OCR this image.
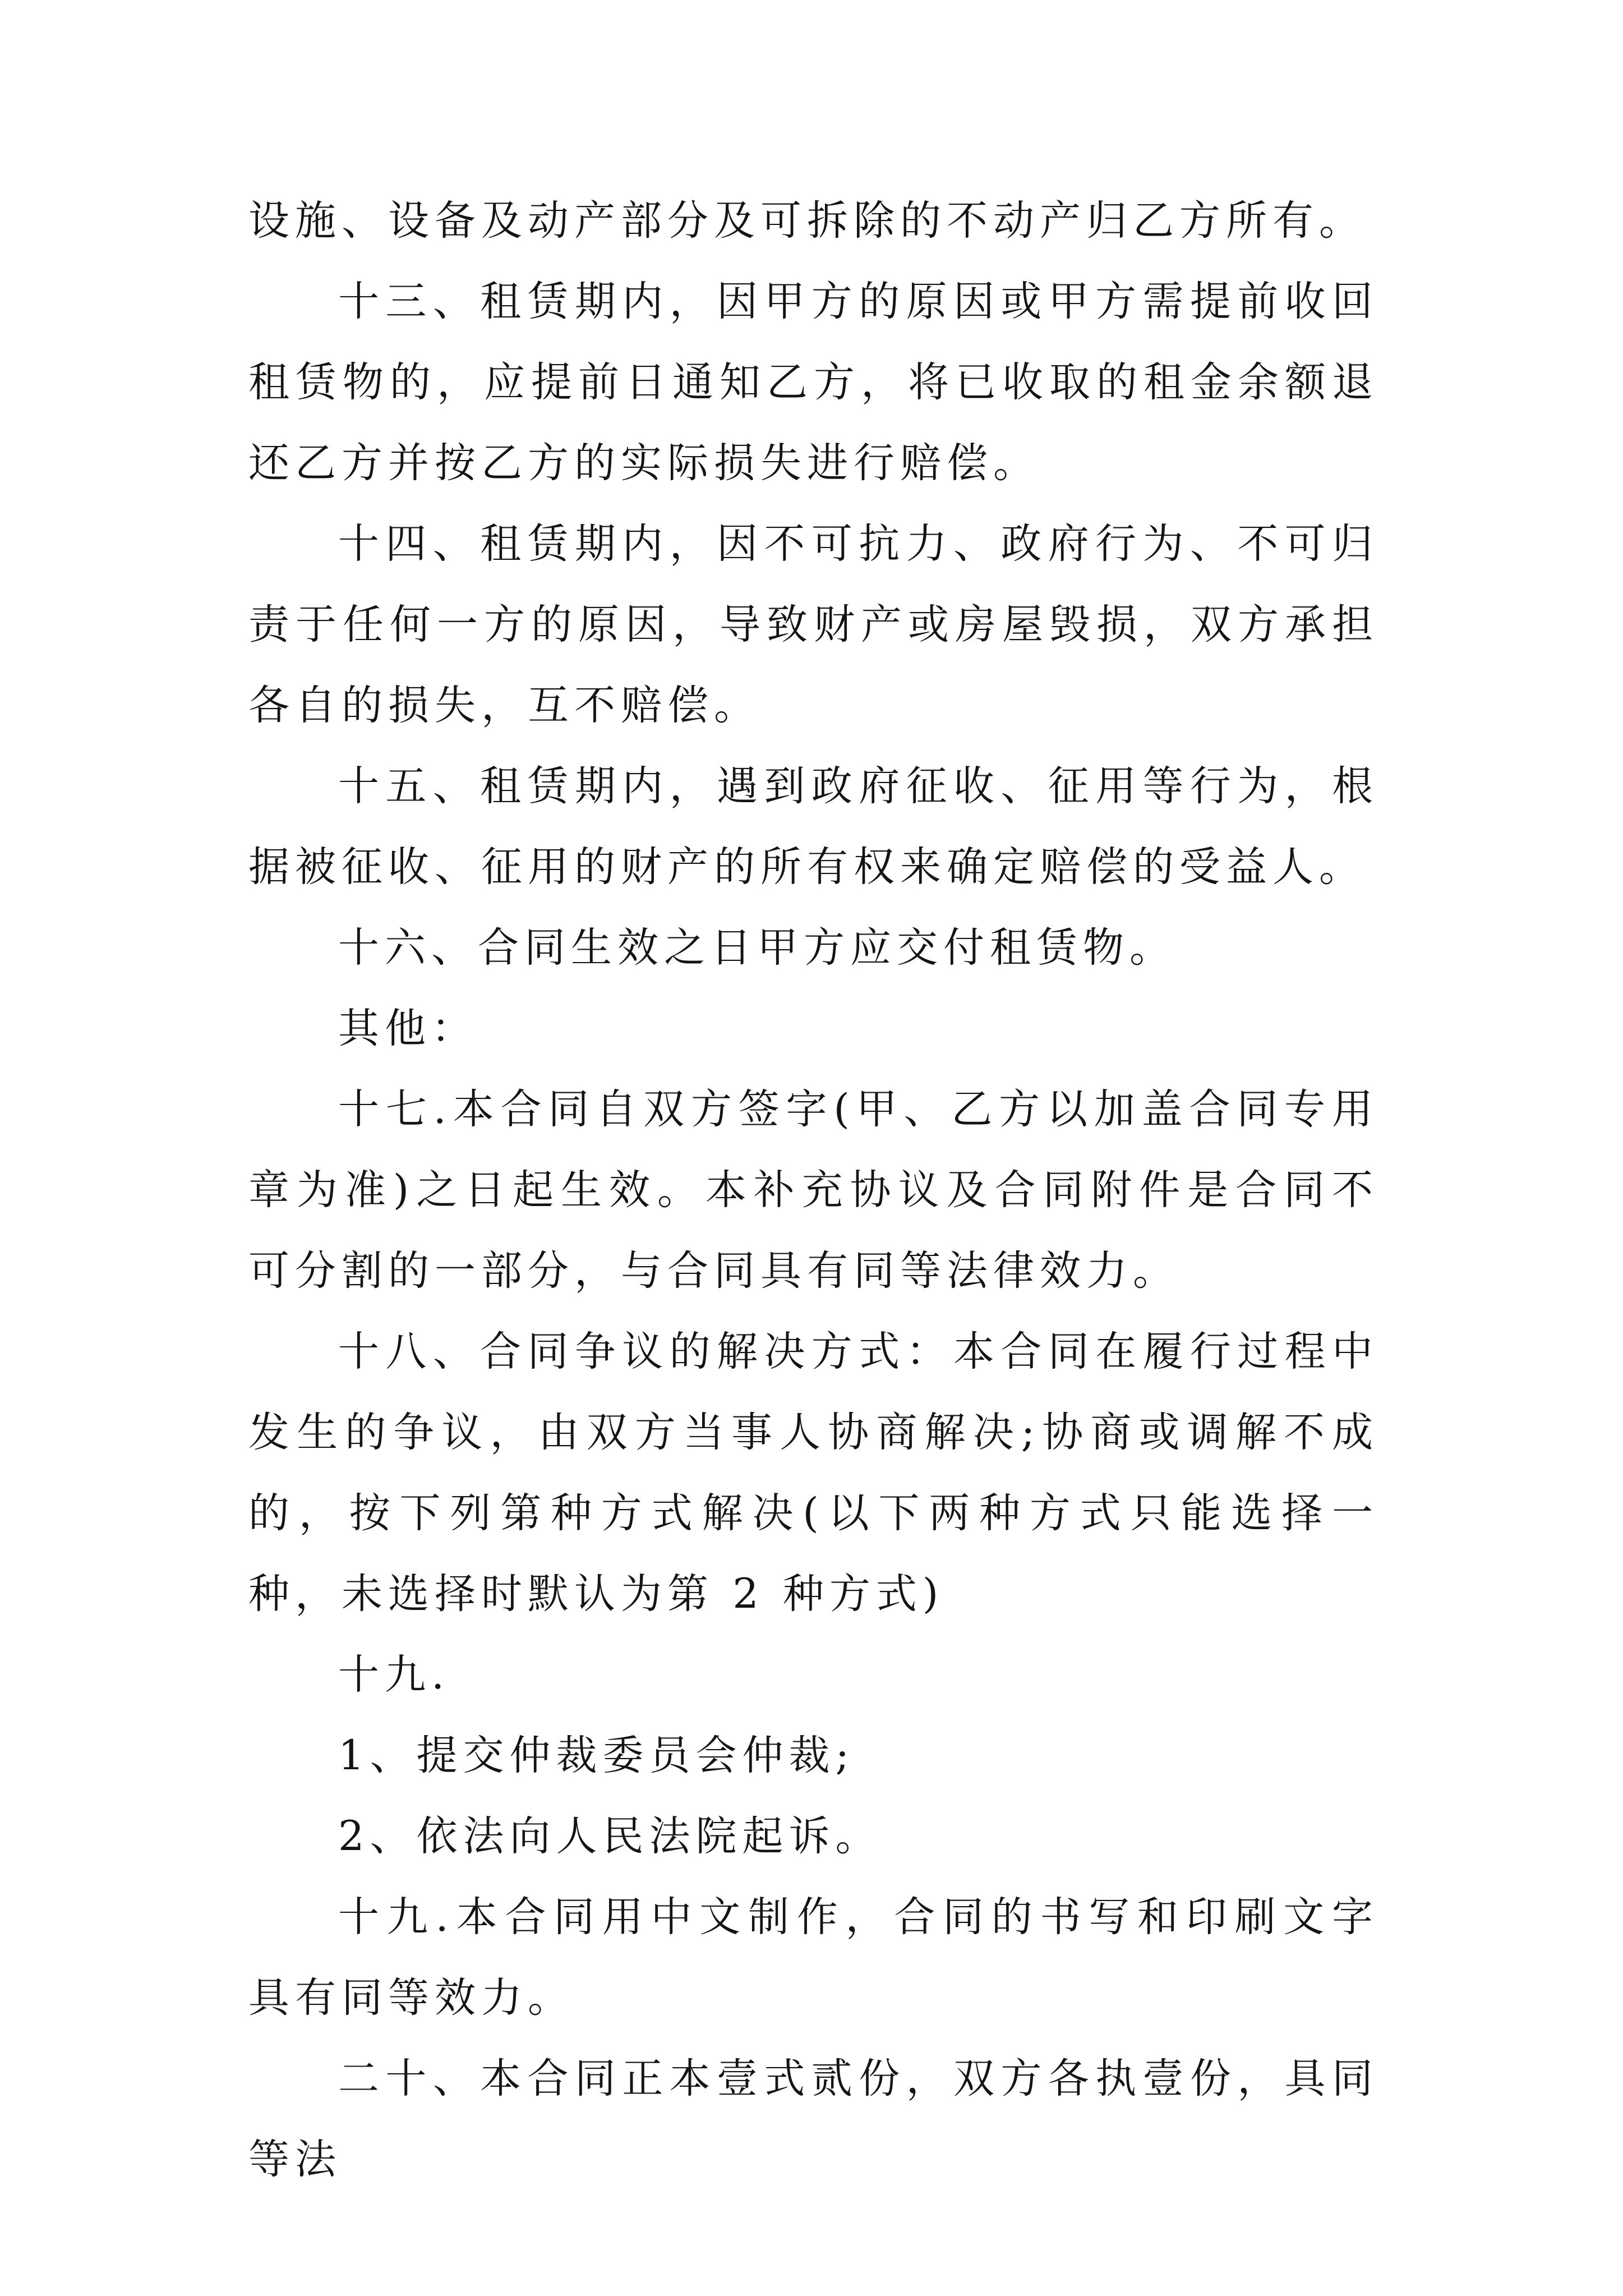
设施、设备及动产部分及可拆除的不动产归乙方所有。

十三、租赁期内，因甲方的原因或甲方需提前收回租赁物的，应提前日通知乙方，将已收取的租金余额退还乙方并按乙方的实际损失进行赔偿。

十四、租赁期内，因不可抗力、政府行为、不可归责于任何一方的原因，导致财产或房屋毁损，双方承担各自的损失，互不赔偿。

十五、租赁期内，遇到政府征收、征用等行为，根据被征收、征用的财产的所有权来确定赔偿的受益人。

十六、合同生效之日甲方应交付租赁物。

其他：

十七.本合同自双方签字(甲、乙方以加盖合同专用章为准)之日起生效。本补充协议及合同附件是合同不可分割的一部分，与合同具有同等法律效力。

十八、合同争议的解决方式：本合同在履行过程中发生的争议，由双方当事人协商解决;协商或调解不成的，按下列第种方式解决(以下两种方式只能选择一种，未选择时默认为第 2 种方式)

十九.

1、提交仲裁委员会仲裁;

2、依法向人民法院起诉。

十九.本合同用中文制作，合同的书写和印刷文字具有同等效力。

二十、本合同正本壹式贰份，双方各执壹份，具同等法
